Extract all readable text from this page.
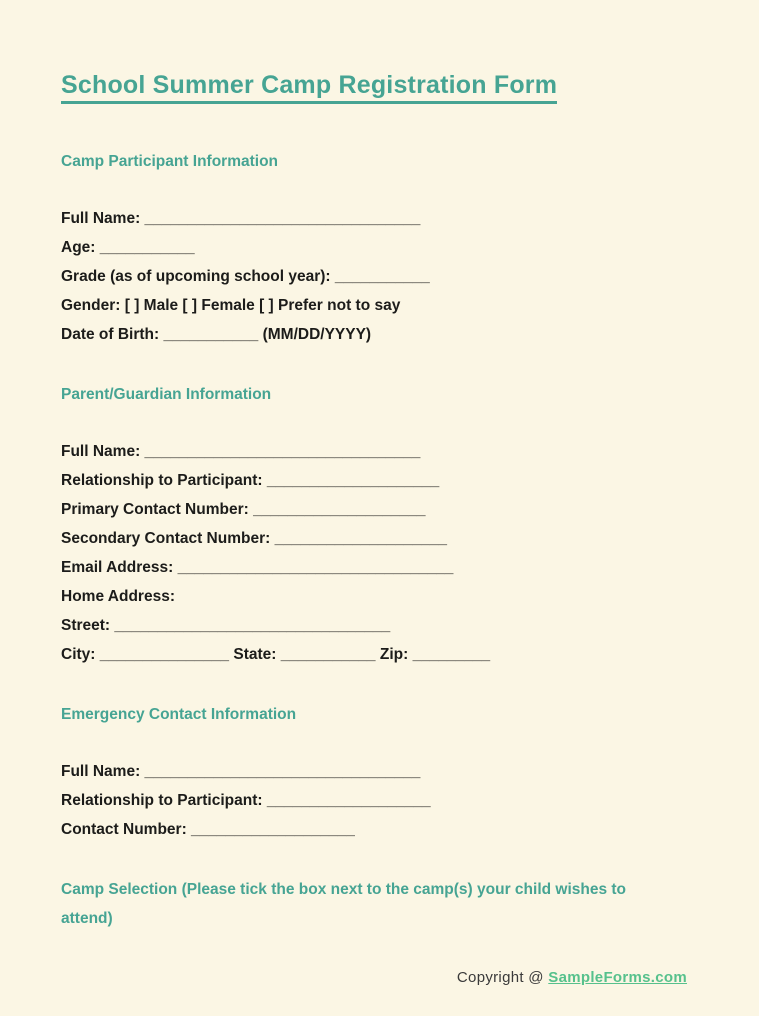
School Summer Camp Registration Form
Camp Participant Information

Full Name: ________________________________

Age: ___________

Grade (as of upcoming school year): ___________

Gender: [ ] Male [ ] Female [ ] Prefer not to say

Date of Birth: ___________ (MM/DD/YYYY)

Parent/Guardian Information

Full Name: ________________________________

Relationship to Participant: ____________________

Primary Contact Number: ____________________

Secondary Contact Number: ____________________

Email Address: ________________________________

Home Address:

Street: ________________________________

City: _______________ State: ___________ Zip: _________

Emergency Contact Information

Full Name: ________________________________

Relationship to Participant: ___________________

Contact Number: ___________________

Camp Selection (Please tick the box next to the camp(s) your child wishes to attend)
Copyright @ SampleForms.com
